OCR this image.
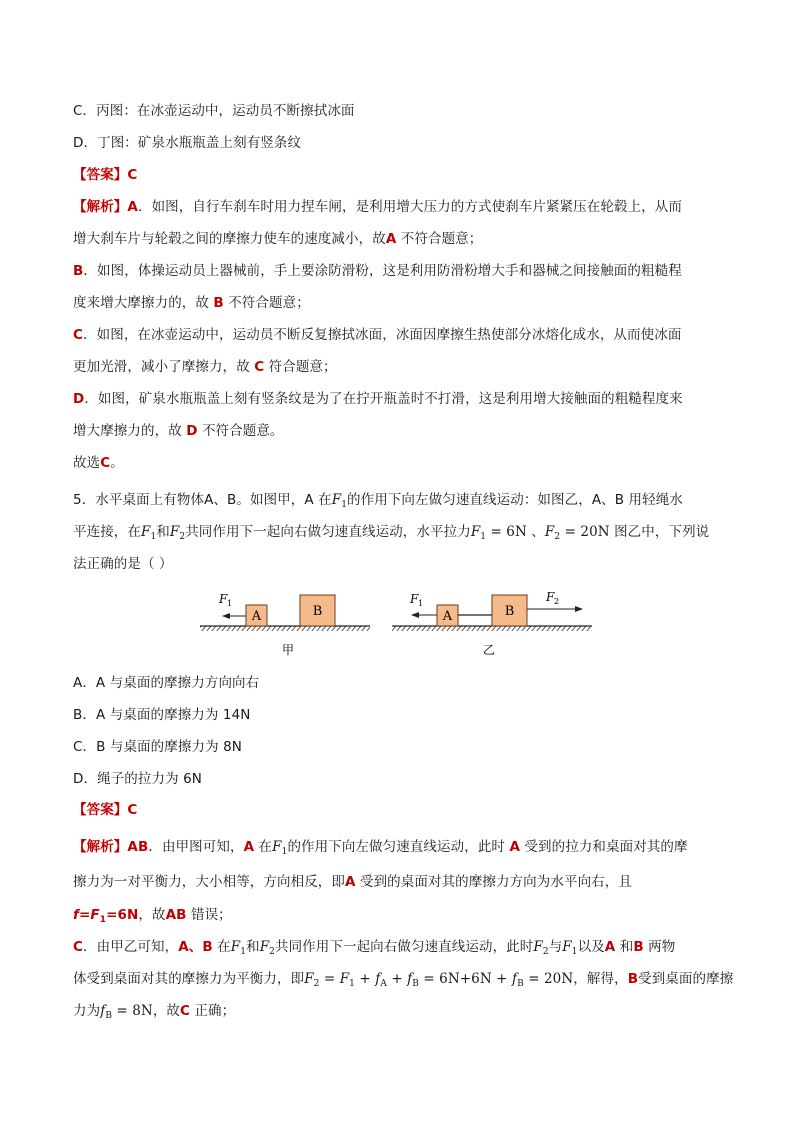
C．丙图：在冰壶运动中，运动员不断擦拭冰面
D．丁图：矿泉水瓶瓶盖上刻有竖条纹
【答案】C
【解析】A．如图，自行车刹车时用力捏车闸，是利用增大压力的方式使刹车片紧紧压在轮毂上，从而
增大刹车片与轮毂之间的摩擦力使车的速度减小，故A 不符合题意；
B．如图，体操运动员上器械前，手上要涂防滑粉，这是利用防滑粉增大手和器械之间接触面的粗糙程
度来增大摩擦力的，故 B 不符合题意；
C．如图，在冰壶运动中，运动员不断反复擦拭冰面，冰面因摩擦生热使部分冰熔化成水，从而使冰面
更加光滑，减小了摩擦力，故 C 符合题意；
D．如图，矿泉水瓶瓶盖上刻有竖条纹是为了在拧开瓶盖时不打滑，这是利用增大接触面的粗糙程度来
增大摩擦力的，故 D 不符合题意。
故选C。
5．水平桌面上有物体A、B。如图甲，A 在$F_1$的作用下向左做匀速直线运动：如图乙，A、B 用轻绳水
平连接，在$F_1$和$F_2$共同作用下一起向右做匀速直线运动，水平拉力$F_1 = 6N$ 、$F_2 = 20N$ 图乙中，下列说
法正确的是（ ）
A	B
F 1
甲
A	B
F 1	F 2
乙
A．A 与桌面的摩擦力方向向右
B．A 与桌面的摩擦力为 14N
C．B 与桌面的摩擦力为 8N
D．绳子的拉力为 6N
【答案】C
【解析】AB．由甲图可知，A 在$F_1$的作用下向左做匀速直线运动，此时 A 受到的拉力和桌面对其的摩
擦力为一对平衡力，大小相等，方向相反，即A 受到的桌面对其的摩擦力方向为水平向右，且
$f=F_1=6N$，故AB 错误；
C．由甲乙可知，A、B 在$F_1$和$F_2$共同作用下一起向右做匀速直线运动，此时$F_2$与$F_1$以及A 和B 两物
体受到桌面对其的摩擦力为平衡力，即$F_2 = F_1 + f_A + f_B = 6N+6N + f_B = 20N$，解得，B受到桌面的摩擦
力为$f_B = 8N$，故C 正确；
